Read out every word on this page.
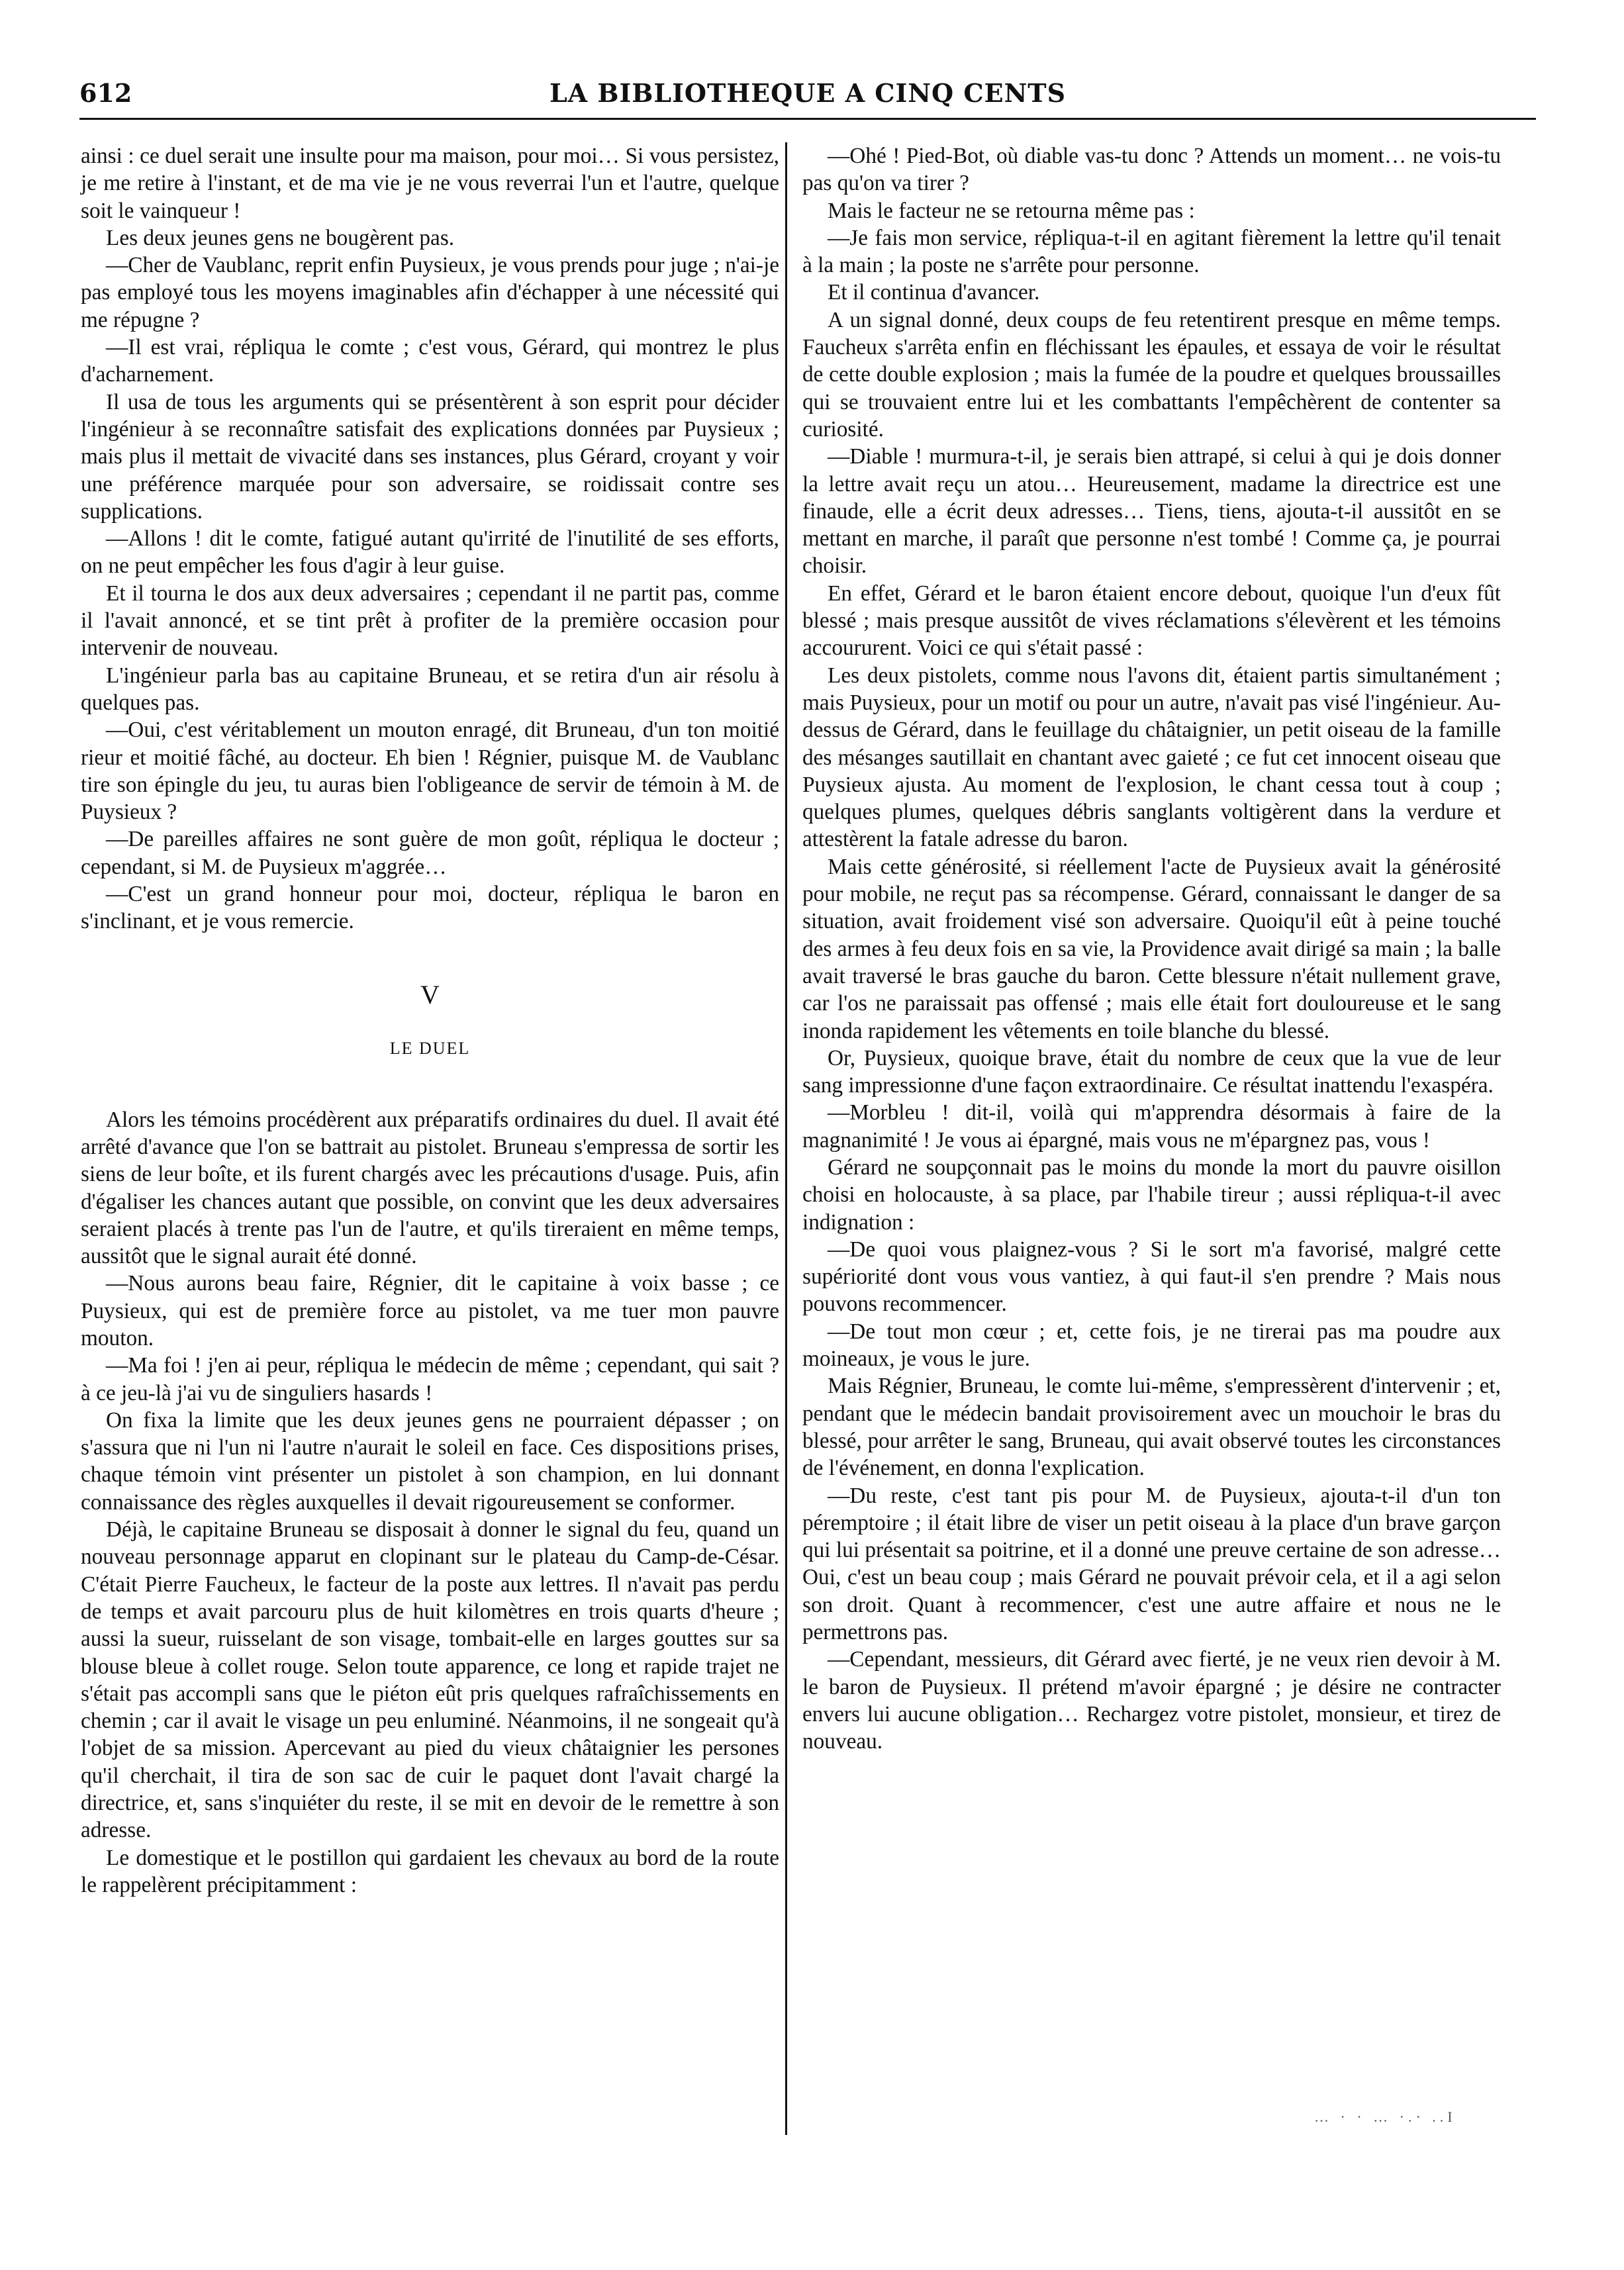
612	LA BIBLIOTHEQUE A CINQ CENTS

ainsi : ce duel serait une insulte pour ma maison, pour moi… Si vous persistez, je me retire à l'instant, et de ma vie je ne vous reverrai l'un et l'autre, quelque soit le vainqueur !

Les deux jeunes gens ne bougèrent pas.

—Cher de Vaublanc, reprit enfin Puysieux, je vous prends pour juge ; n'ai-je pas employé tous les moyens imaginables afin d'échapper à une nécessité qui me répugne ?

—Il est vrai, répliqua le comte ; c'est vous, Gérard, qui montrez le plus d'acharnement.

Il usa de tous les arguments qui se présentèrent à son esprit pour décider l'ingénieur à se reconnaître satisfait des explications données par Puysieux ; mais plus il mettait de vivacité dans ses instances, plus Gérard, croyant y voir une préférence marquée pour son adversaire, se roidissait contre ses supplications.

—Allons ! dit le comte, fatigué autant qu'irrité de l'inutilité de ses efforts, on ne peut empêcher les fous d'agir à leur guise.

Et il tourna le dos aux deux adversaires ; cependant il ne partit pas, comme il l'avait annoncé, et se tint prêt à profiter de la première occasion pour intervenir de nouveau.

L'ingénieur parla bas au capitaine Bruneau, et se retira d'un air résolu à quelques pas.

—Oui, c'est véritablement un mouton enragé, dit Bruneau, d'un ton moitié rieur et moitié fâché, au docteur. Eh bien ! Régnier, puisque M. de Vaublanc tire son épingle du jeu, tu auras bien l'obligeance de servir de témoin à M. de Puysieux ?

—De pareilles affaires ne sont guère de mon goût, répliqua le docteur ; cependant, si M. de Puysieux m'aggrée…

—C'est un grand honneur pour moi, docteur, répliqua le baron en s'inclinant, et je vous remercie.

V
LE DUEL

Alors les témoins procédèrent aux préparatifs ordinaires du duel. Il avait été arrêté d'avance que l'on se battrait au pistolet. Bruneau s'empressa de sortir les siens de leur boîte, et ils furent chargés avec les précautions d'usage. Puis, afin d'égaliser les chances autant que possible, on convint que les deux adversaires seraient placés à trente pas l'un de l'autre, et qu'ils tireraient en même temps, aussitôt que le signal aurait été donné.

—Nous aurons beau faire, Régnier, dit le capitaine à voix basse ; ce Puysieux, qui est de première force au pistolet, va me tuer mon pauvre mouton.

—Ma foi ! j'en ai peur, répliqua le médecin de même ; cependant, qui sait ? à ce jeu-là j'ai vu de singuliers hasards !

On fixa la limite que les deux jeunes gens ne pourraient dépasser ; on s'assura que ni l'un ni l'autre n'aurait le soleil en face. Ces dispositions prises, chaque témoin vint présenter un pistolet à son champion, en lui donnant connaissance des règles auxquelles il devait rigoureusement se conformer.

Déjà, le capitaine Bruneau se disposait à donner le signal du feu, quand un nouveau personnage apparut en clopinant sur le plateau du Camp-de-César. C'était Pierre Faucheux, le facteur de la poste aux lettres. Il n'avait pas perdu de temps et avait parcouru plus de huit kilomètres en trois quarts d'heure ; aussi la sueur, ruisselant de son visage, tombait-elle en larges gouttes sur sa blouse bleue à collet rouge. Selon toute apparence, ce long et rapide trajet ne s'était pas accompli sans que le piéton eût pris quelques rafraîchissements en chemin ; car il avait le visage un peu enluminé. Néanmoins, il ne songeait qu'à l'objet de sa mission. Apercevant au pied du vieux châtaignier les persones qu'il cherchait, il tira de son sac de cuir le paquet dont l'avait chargé la directrice, et, sans s'inquiéter du reste, il se mit en devoir de le remettre à son adresse.

Le domestique et le postillon qui gardaient les chevaux au bord de la route le rappelèrent précipitamment :

—Ohé ! Pied-Bot, où diable vas-tu donc ? Attends un moment… ne vois-tu pas qu'on va tirer ?

Mais le facteur ne se retourna même pas :

—Je fais mon service, répliqua-t-il en agitant fièrement la lettre qu'il tenait à la main ; la poste ne s'arrête pour personne.

Et il continua d'avancer.

A un signal donné, deux coups de feu retentirent presque en même temps. Faucheux s'arrêta enfin en fléchissant les épaules, et essaya de voir le résultat de cette double explosion ; mais la fumée de la poudre et quelques broussailles qui se trouvaient entre lui et les combattants l'empêchèrent de contenter sa curiosité.

—Diable ! murmura-t-il, je serais bien attrapé, si celui à qui je dois donner la lettre avait reçu un atou… Heureusement, madame la directrice est une finaude, elle a écrit deux adresses… Tiens, tiens, ajouta-t-il aussitôt en se mettant en marche, il paraît que personne n'est tombé ! Comme ça, je pourrai choisir.

En effet, Gérard et le baron étaient encore debout, quoique l'un d'eux fût blessé ; mais presque aussitôt de vives réclamations s'élevèrent et les témoins accoururent. Voici ce qui s'était passé :

Les deux pistolets, comme nous l'avons dit, étaient partis simultanément ; mais Puysieux, pour un motif ou pour un autre, n'avait pas visé l'ingénieur. Au-dessus de Gérard, dans le feuillage du châtaignier, un petit oiseau de la famille des mésanges sautillait en chantant avec gaieté ; ce fut cet innocent oiseau que Puysieux ajusta. Au moment de l'explosion, le chant cessa tout à coup ; quelques plumes, quelques débris sanglants voltigèrent dans la verdure et attestèrent la fatale adresse du baron.

Mais cette générosité, si réellement l'acte de Puysieux avait la générosité pour mobile, ne reçut pas sa récompense. Gérard, connaissant le danger de sa situation, avait froidement visé son adversaire. Quoiqu'il eût à peine touché des armes à feu deux fois en sa vie, la Providence avait dirigé sa main ; la balle avait traversé le bras gauche du baron. Cette blessure n'était nullement grave, car l'os ne paraissait pas offensé ; mais elle était fort douloureuse et le sang inonda rapidement les vêtements en toile blanche du blessé.

Or, Puysieux, quoique brave, était du nombre de ceux que la vue de leur sang impressionne d'une façon extraordinaire. Ce résultat inattendu l'exaspéra.

—Morbleu ! dit-il, voilà qui m'apprendra désormais à faire de la magnanimité ! Je vous ai épargné, mais vous ne m'épargnez pas, vous !

Gérard ne soupçonnait pas le moins du monde la mort du pauvre oisillon choisi en holocauste, à sa place, par l'habile tireur ; aussi répliqua-t-il avec indignation :

—De quoi vous plaignez-vous ? Si le sort m'a favorisé, malgré cette supériorité dont vous vous vantiez, à qui faut-il s'en prendre ? Mais nous pouvons recommencer.

—De tout mon cœur ; et, cette fois, je ne tirerai pas ma poudre aux moineaux, je vous le jure.

Mais Régnier, Bruneau, le comte lui-même, s'empressèrent d'intervenir ; et, pendant que le médecin bandait provisoirement avec un mouchoir le bras du blessé, pour arrêter le sang, Bruneau, qui avait observé toutes les circonstances de l'événement, en donna l'explication.

—Du reste, c'est tant pis pour M. de Puysieux, ajouta-t-il d'un ton péremptoire ; il était libre de viser un petit oiseau à la place d'un brave garçon qui lui présentait sa poitrine, et il a donné une preuve certaine de son adresse… Oui, c'est un beau coup ; mais Gérard ne pouvait prévoir cela, et il a agi selon son droit. Quant à recommencer, c'est une autre affaire et nous ne le permettrons pas.

—Cependant, messieurs, dit Gérard avec fierté, je ne veux rien devoir à M. le baron de Puysieux. Il prétend m'avoir épargné ; je désire ne contracter envers lui aucune obligation… Rechargez votre pistolet, monsieur, et tirez de nouveau.

… · · … ·.· ..I
